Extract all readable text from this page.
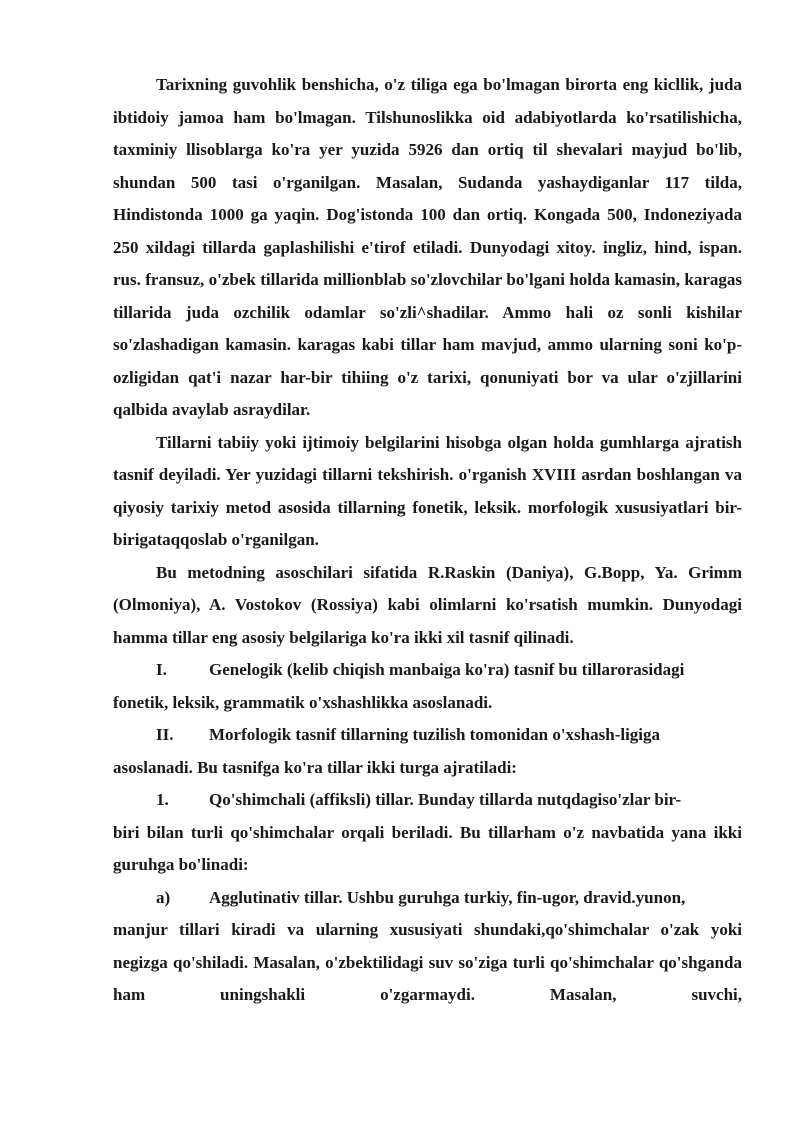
Tarixning guvohlik benshicha, o'z tiliga ega bo'lmagan birorta eng kicllik, juda ibtidoiy jamoa ham bo'lmagan. Tilshunoslikka oid adabiyotlarda ko'rsatilishicha, taxminiy llisoblarga ko'ra yer yuzida 5926 dan ortiq til shevalari mayjud bo'lib, shundan 500 tasi o'rganilgan. Masalan, Sudanda yashaydiganlar 117 tilda, Hindistonda 1000 ga yaqin. Dog'istonda 100 dan ortiq. Kongada 500, Indoneziyada 250 xildagi tillarda gaplashilishi e'tirof etiladi. Dunyodagi xitoy. ingliz, hind, ispan. rus. fransuz, o'zbek tillarida millionblab so'zlovchilar bo'lgani holda kamasin, karagas tillarida juda ozchilik odamlar so'zli^shadilar. Ammo hali oz sonli kishilar so'zlashadigan kamasin. karagas kabi tillar ham mavjud, ammo ularning soni ko'p-ozligidan qat'i nazar har-bir tihiing o'z tarixi, qonuniyati bor va ular o'zjillarini qalbida avaylab asraydilar.

Tillarni tabiiy yoki ijtimoiy belgilarini hisobga olgan holda gumhlarga ajratish tasnif deyiladi. Yer yuzidagi tillarni tekshirish. o'rganish XVIII asrdan boshlangan va qiyosiy tarixiy metod asosida tillarning fonetik, leksik. morfologik xususiyatlari bir-birigataqqoslab o'rganilgan.

Bu metodning asoschilari sifatida R.Raskin (Daniya), G.Bopp, Ya. Grimm (Olmoniya), A. Vostokov (Rossiya) kabi olimlarni ko'rsatish mumkin. Dunyodagi hamma tillar eng asosiy belgilariga ko'ra ikki xil tasnif qilinadi.

I. Genelogik (kelib chiqish manbaiga ko'ra) tasnif bu tillarorasidagi
fonetik, leksik, grammatik o'xshashlikka asoslanadi.
II. Morfologik tasnif tillarning tuzilish tomonidan o'xshash-ligiga
asoslanadi. Bu tasnifga ko'ra tillar ikki turga ajratiladi:
1. Qo'shimchali (affiksli) tillar. Bunday tillarda nutqdagiso'zlar bir-
biri bilan turli qo'shimchalar orqali beriladi. Bu tillarham o'z navbatida yana ikki guruhga bo'linadi:
a) Agglutinativ tillar. Ushbu guruhga turkiy, fin-ugor, dravid.yunon,
manjur tillari kiradi va ularning xususiyati shundaki,qo'shimchalar o'zak yoki negizga qo'shiladi. Masalan, o'zbektilidagi suv so'ziga turli qo'shimchalar qo'shganda ham uningshakli o'zgarmaydi. Masalan, suvchi,
